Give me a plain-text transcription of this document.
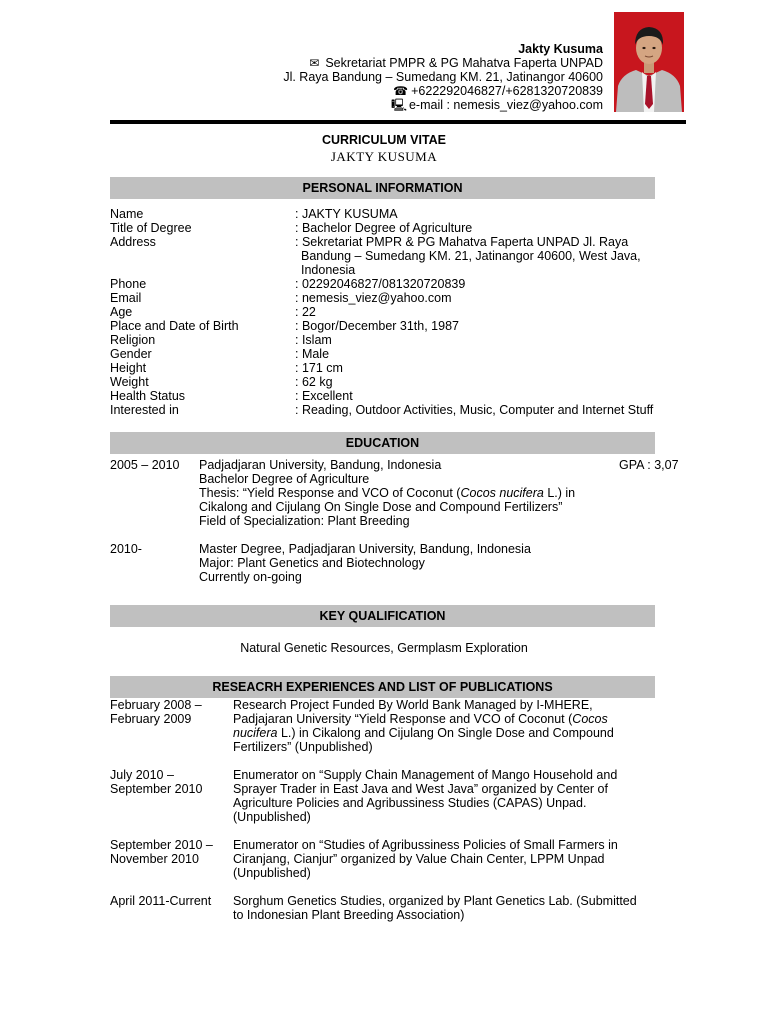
Jakty Kusuma
✉ Sekretariat PMPR & PG Mahatva Faperta UNPAD
Jl. Raya Bandung – Sumedang KM. 21, Jatinangor 40600
☎ +622292046827/+6281320720839
🖳 e-mail : nemesis_viez@yahoo.com
CURRICULUM VITAE
JAKTY KUSUMA
PERSONAL INFORMATION
Name	: JAKTY KUSUMA
Title of Degree	: Bachelor Degree of Agriculture
Address	: Sekretariat PMPR & PG Mahatva Faperta UNPAD Jl. Raya
Bandung – Sumedang KM. 21, Jatinangor 40600, West Java,
Indonesia
Phone	: 02292046827/081320720839
Email	: nemesis_viez@yahoo.com
Age	: 22
Place and Date of Birth	: Bogor/December 31th, 1987
Religion	: Islam
Gender	: Male
Height	: 171 cm
Weight	: 62 kg
Health Status	: Excellent
Interested in	: Reading, Outdoor Activities, Music, Computer and Internet Stuff
EDUCATION
2005 – 2010 Padjadjaran University, Bandung, Indonesia	GPA : 3,07
Bachelor Degree of Agriculture
Thesis: “Yield Response and VCO of Coconut (Cocos nucifera L.) in
Cikalong and Cijulang On Single Dose and Compound Fertilizers”
Field of Specialization: Plant Breeding
2010-	Master Degree, Padjadjaran University, Bandung, Indonesia
Major: Plant Genetics and Biotechnology
Currently on-going
KEY QUALIFICATION
Natural Genetic Resources, Germplasm Exploration
RESEACRH EXPERIENCES AND LIST OF PUBLICATIONS
February 2008 –
February 2009
Research Project Funded By World Bank Managed by I-MHERE,
Padjajaran University “Yield Response and VCO of Coconut (Cocos
nucifera L.) in Cikalong and Cijulang On Single Dose and Compound
Fertilizers” (Unpublished)
July 2010 –
September 2010
Enumerator on “Supply Chain Management of Mango Household and
Sprayer Trader in East Java and West Java” organized by Center of
Agriculture Policies and Agribussiness Studies (CAPAS) Unpad.
(Unpublished)
September 2010 –
November 2010
Enumerator on “Studies of Agribussiness Policies of Small Farmers in
Ciranjang, Cianjur” organized by Value Chain Center, LPPM Unpad
(Unpublished)
April 2011-Current Sorghum Genetics Studies, organized by Plant Genetics Lab. (Submitted
to Indonesian Plant Breeding Association)
